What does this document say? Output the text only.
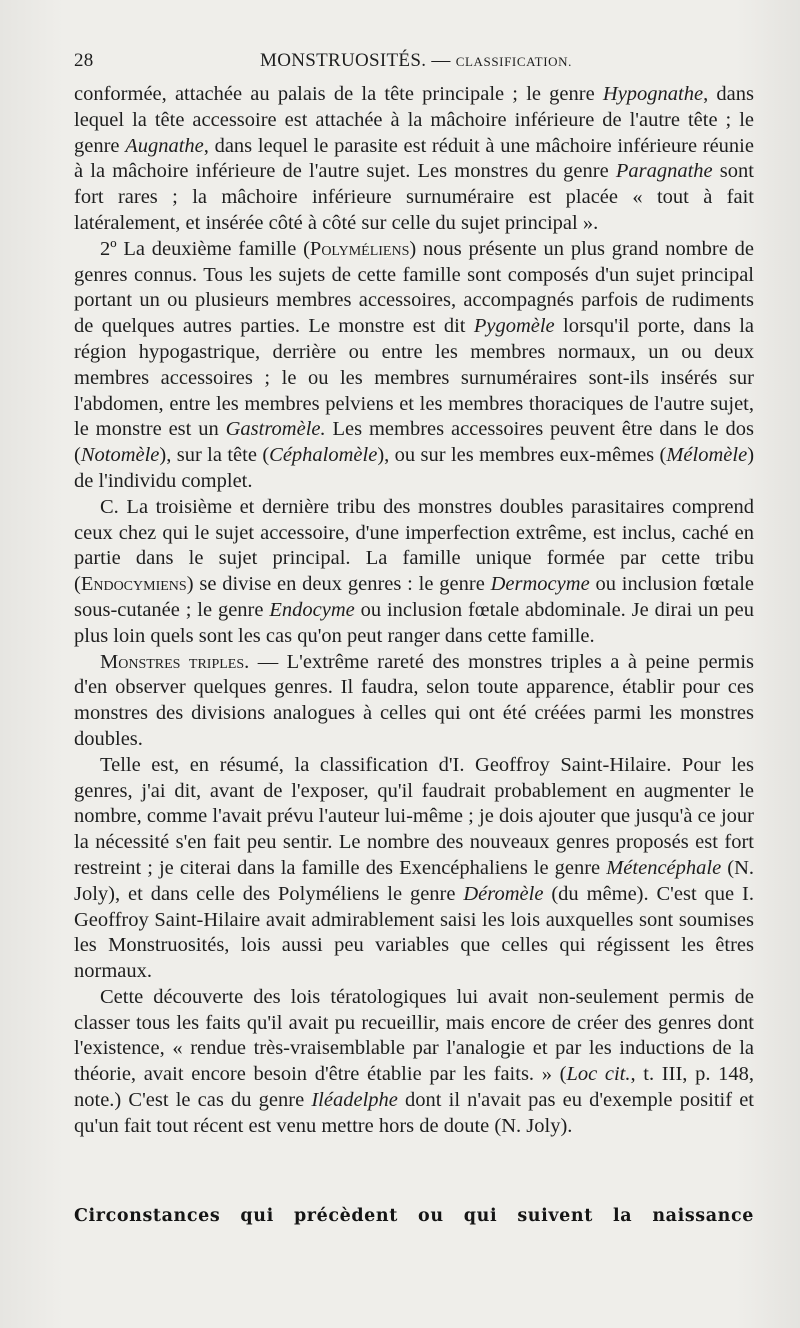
28	MONSTRUOSITÉS. — CLASSIFICATION.

conformée, attachée au palais de la tête principale ; le genre Hypognathe, dans lequel la tête accessoire est attachée à la mâchoire inférieure de l'autre tête ; le genre Augnathe, dans lequel le parasite est réduit à une mâchoire inférieure réunie à la mâchoire inférieure de l'autre sujet. Les monstres du genre Paragnathe sont fort rares ; la mâchoire inférieure surnuméraire est placée « tout à fait latéralement, et insérée côté à côté sur celle du sujet principal ».

2º La deuxième famille (Polyméliens) nous présente un plus grand nombre de genres connus. Tous les sujets de cette famille sont composés d'un sujet principal portant un ou plusieurs membres accessoires, accompagnés parfois de rudiments de quelques autres parties. Le monstre est dit Pygomèle lorsqu'il porte, dans la région hypogastrique, derrière ou entre les membres normaux, un ou deux membres accessoires ; le ou les membres surnuméraires sont-ils insérés sur l'abdomen, entre les membres pelviens et les membres thoraciques de l'autre sujet, le monstre est un Gastromèle. Les membres accessoires peuvent être dans le dos (Notomèle), sur la tête (Céphalomèle), ou sur les membres eux-mêmes (Mélomèle) de l'individu complet.

C. La troisième et dernière tribu des monstres doubles parasitaires comprend ceux chez qui le sujet accessoire, d'une imperfection extrême, est inclus, caché en partie dans le sujet principal. La famille unique formée par cette tribu (Endocymiens) se divise en deux genres : le genre Dermocyme ou inclusion fœtale sous-cutanée ; le genre Endocyme ou inclusion fœtale abdominale. Je dirai un peu plus loin quels sont les cas qu'on peut ranger dans cette famille.

Monstres triples. — L'extrême rareté des monstres triples a à peine permis d'en observer quelques genres. Il faudra, selon toute apparence, établir pour ces monstres des divisions analogues à celles qui ont été créées parmi les monstres doubles.

Telle est, en résumé, la classification d'I. Geoffroy Saint-Hilaire. Pour les genres, j'ai dit, avant de l'exposer, qu'il faudrait probablement en augmenter le nombre, comme l'avait prévu l'auteur lui-même ; je dois ajouter que jusqu'à ce jour la nécessité s'en fait peu sentir. Le nombre des nouveaux genres proposés est fort restreint ; je citerai dans la famille des Exencéphaliens le genre Métencéphale (N. Joly), et dans celle des Polyméliens le genre Déromèle (du même). C'est que I. Geoffroy Saint-Hilaire avait admirablement saisi les lois auxquelles sont soumises les Monstruosités, lois aussi peu variables que celles qui régissent les êtres normaux.

Cette découverte des lois tératologiques lui avait non-seulement permis de classer tous les faits qu'il avait pu recueillir, mais encore de créer des genres dont l'existence, « rendue très-vraisemblable par l'analogie et par les inductions de la théorie, avait encore besoin d'être établie par les faits. » (Loc cit., t. III, p. 148, note.) C'est le cas du genre Iléadelphe dont il n'avait pas eu d'exemple positif et qu'un fait tout récent est venu mettre hors de doute (N. Joly).

Circonstances qui précèdent ou qui suivent la naissance
